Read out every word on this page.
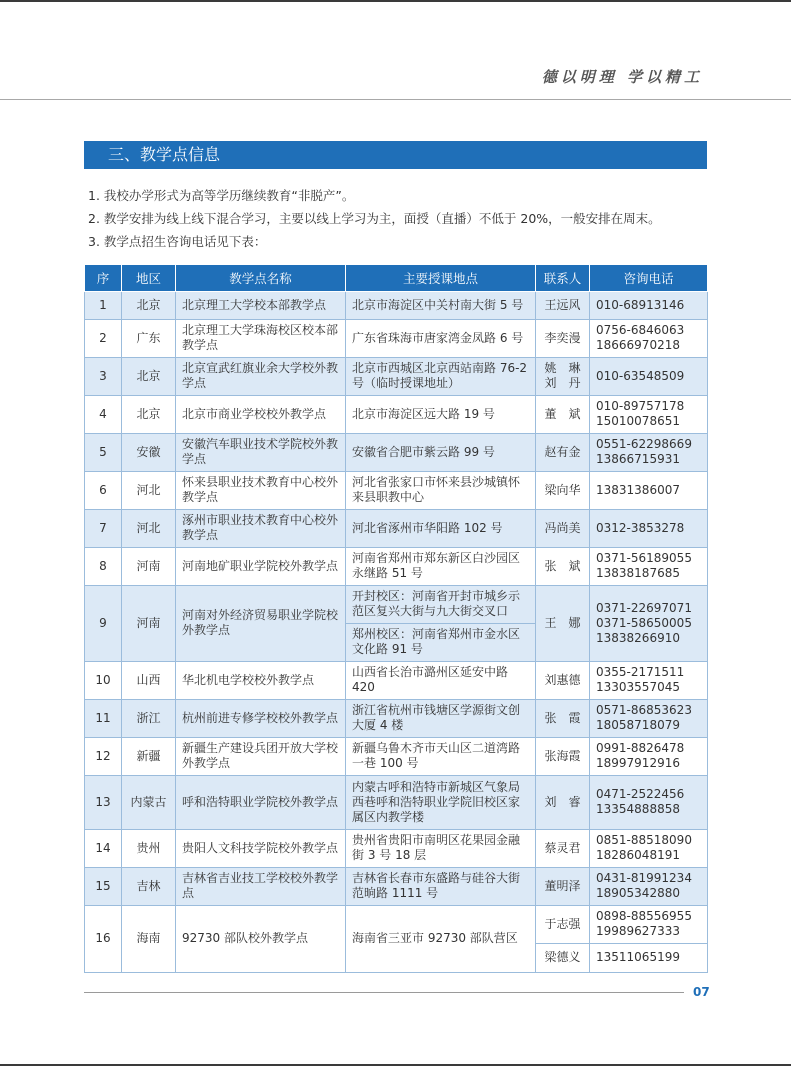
德以明理 学以精工
三、教学点信息

1. 我校办学形式为高等学历继续教育“非脱产”。

2. 教学安排为线上线下混合学习，主要以线上学习为主，面授（直播）不低于 20%，一般安排在周末。

3. 教学点招生咨询电话见下表：

序	地区	教学点名称	主要授课地点	联系人	咨询电话
1	北京	北京理工大学校本部教学点	北京市海淀区中关村南大街 5 号	王远风	010-68913146

2	广东	北京理工大学珠海校区校本部教学点	广东省珠海市唐家湾金凤路 6 号	李奕漫	0756-6846063
18666970218

3	北京	北京宣武红旗业余大学校外教学点	北京市西城区北京西站南路 76-2 号（临时授课地址）	姚　琳
刘　丹	010-63548509

4	北京	北京市商业学校校外教学点	北京市海淀区远大路 19 号	董　斌	010-89757178
15010078651

5	安徽	安徽汽车职业技术学院校外教学点	安徽省合肥市紫云路 99 号	赵有金	0551-62298669
13866715931

6	河北	怀来县职业技术教育中心校外教学点	河北省张家口市怀来县沙城镇怀来县职教中心	梁向华	13831386007

7	河北	涿州市职业技术教育中心校外教学点	河北省涿州市华阳路 102 号	冯尚美	0312-3853278

8	河南	河南地矿职业学院校外教学点	河南省郑州市郑东新区白沙园区永继路 51 号	张　斌	0371-56189055
13838187685

9	河南	河南对外经济贸易职业学院校外教学点	开封校区：河南省开封市城乡示范区复兴大街与九大街交叉口	王　娜	0371-22697071
0371-58650005
13838266910

			郑州校区：河南省郑州市金水区文化路 91 号		
10	山西	华北机电学校校外教学点	山西省长治市潞州区延安中路 420	刘惠德	0355-2171511
13303557045

11	浙江	杭州前进专修学校校外教学点	浙江省杭州市钱塘区学源街文创大厦 4 楼	张　霞	0571-86853623
18058718079

12	新疆	新疆生产建设兵团开放大学校外教学点	新疆乌鲁木齐市天山区二道湾路一巷 100 号	张海霞	0991-8826478
18997912916

13	内蒙古	呼和浩特职业学院校外教学点	内蒙古呼和浩特市新城区气象局西巷呼和浩特职业学院旧校区家属区内教学楼	刘　睿	0471-2522456
13354888858

14	贵州	贵阳人文科技学院校外教学点	贵州省贵阳市南明区花果园金融街 3 号 18 层	蔡灵君	0851-88518090
18286048191

15	吉林	吉林省吉业技工学校校外教学点	吉林省长春市东盛路与硅谷大街范晌路 1111 号	董明泽	0431-81991234
18905342880

16	海南	92730 部队校外教学点	海南省三亚市 92730 部队营区	于志强	0898-88556955
19989627333

				梁德义	13511065199
07
